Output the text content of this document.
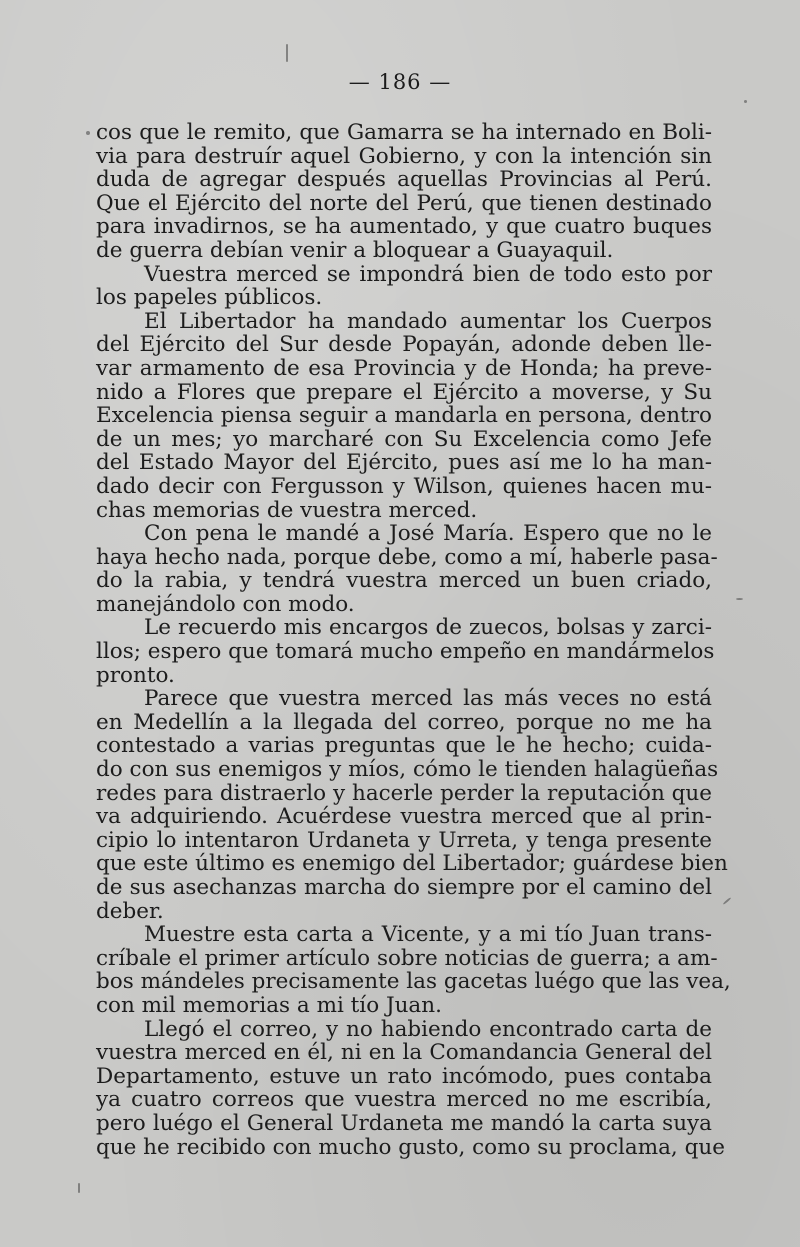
— 186 —
cos que le remito, que Gamarra se ha internado en Boli-
via para destruír aquel Gobierno, y con la intención sin
duda de agregar después aquellas Provincias al Perú.
Que el Ejército del norte del Perú, que tienen destinado
para invadirnos, se ha aumentado, y que cuatro buques
de guerra debían venir a bloquear a Guayaquil.
Vuestra merced se impondrá bien de todo esto por
los papeles públicos.
El Libertador ha mandado aumentar los Cuerpos
del Ejército del Sur desde Popayán, adonde deben lle-
var armamento de esa Provincia y de Honda; ha preve-
nido a Flores que prepare el Ejército a moverse, y Su
Excelencia piensa seguir a mandarla en persona, dentro
de un mes; yo marcharé con Su Excelencia como Jefe
del Estado Mayor del Ejército, pues así me lo ha man-
dado decir con Fergusson y Wilson, quienes hacen mu-
chas memorias de vuestra merced.
Con pena le mandé a José María. Espero que no le
haya hecho nada, porque debe, como a mí, haberle pasa-
do la rabia, y tendrá vuestra merced un buen criado,
manejándolo con modo.
Le recuerdo mis encargos de zuecos, bolsas y zarci-
llos; espero que tomará mucho empeño en mandármelos
pronto.
Parece que vuestra merced las más veces no está
en Medellín a la llegada del correo, porque no me ha
contestado a varias preguntas que le he hecho; cuida-
do con sus enemigos y míos, cómo le tienden halagüeñas
redes para distraerlo y hacerle perder la reputación que
va adquiriendo. Acuérdese vuestra merced que al prin-
cipio lo intentaron Urdaneta y Urreta, y tenga presente
que este último es enemigo del Libertador; guárdese bien
de sus asechanzas marcha do siempre por el camino del
deber.
Muestre esta carta a Vicente, y a mi tío Juan trans-
críbale el primer artículo sobre noticias de guerra; a am-
bos mándeles precisamente las gacetas luégo que las vea,
con mil memorias a mi tío Juan.
Llegó el correo, y no habiendo encontrado carta de
vuestra merced en él, ni en la Comandancia General del
Departamento, estuve un rato incómodo, pues contaba
ya cuatro correos que vuestra merced no me escribía,
pero luégo el General Urdaneta me mandó la carta suya
que he recibido con mucho gusto, como su proclama, que
